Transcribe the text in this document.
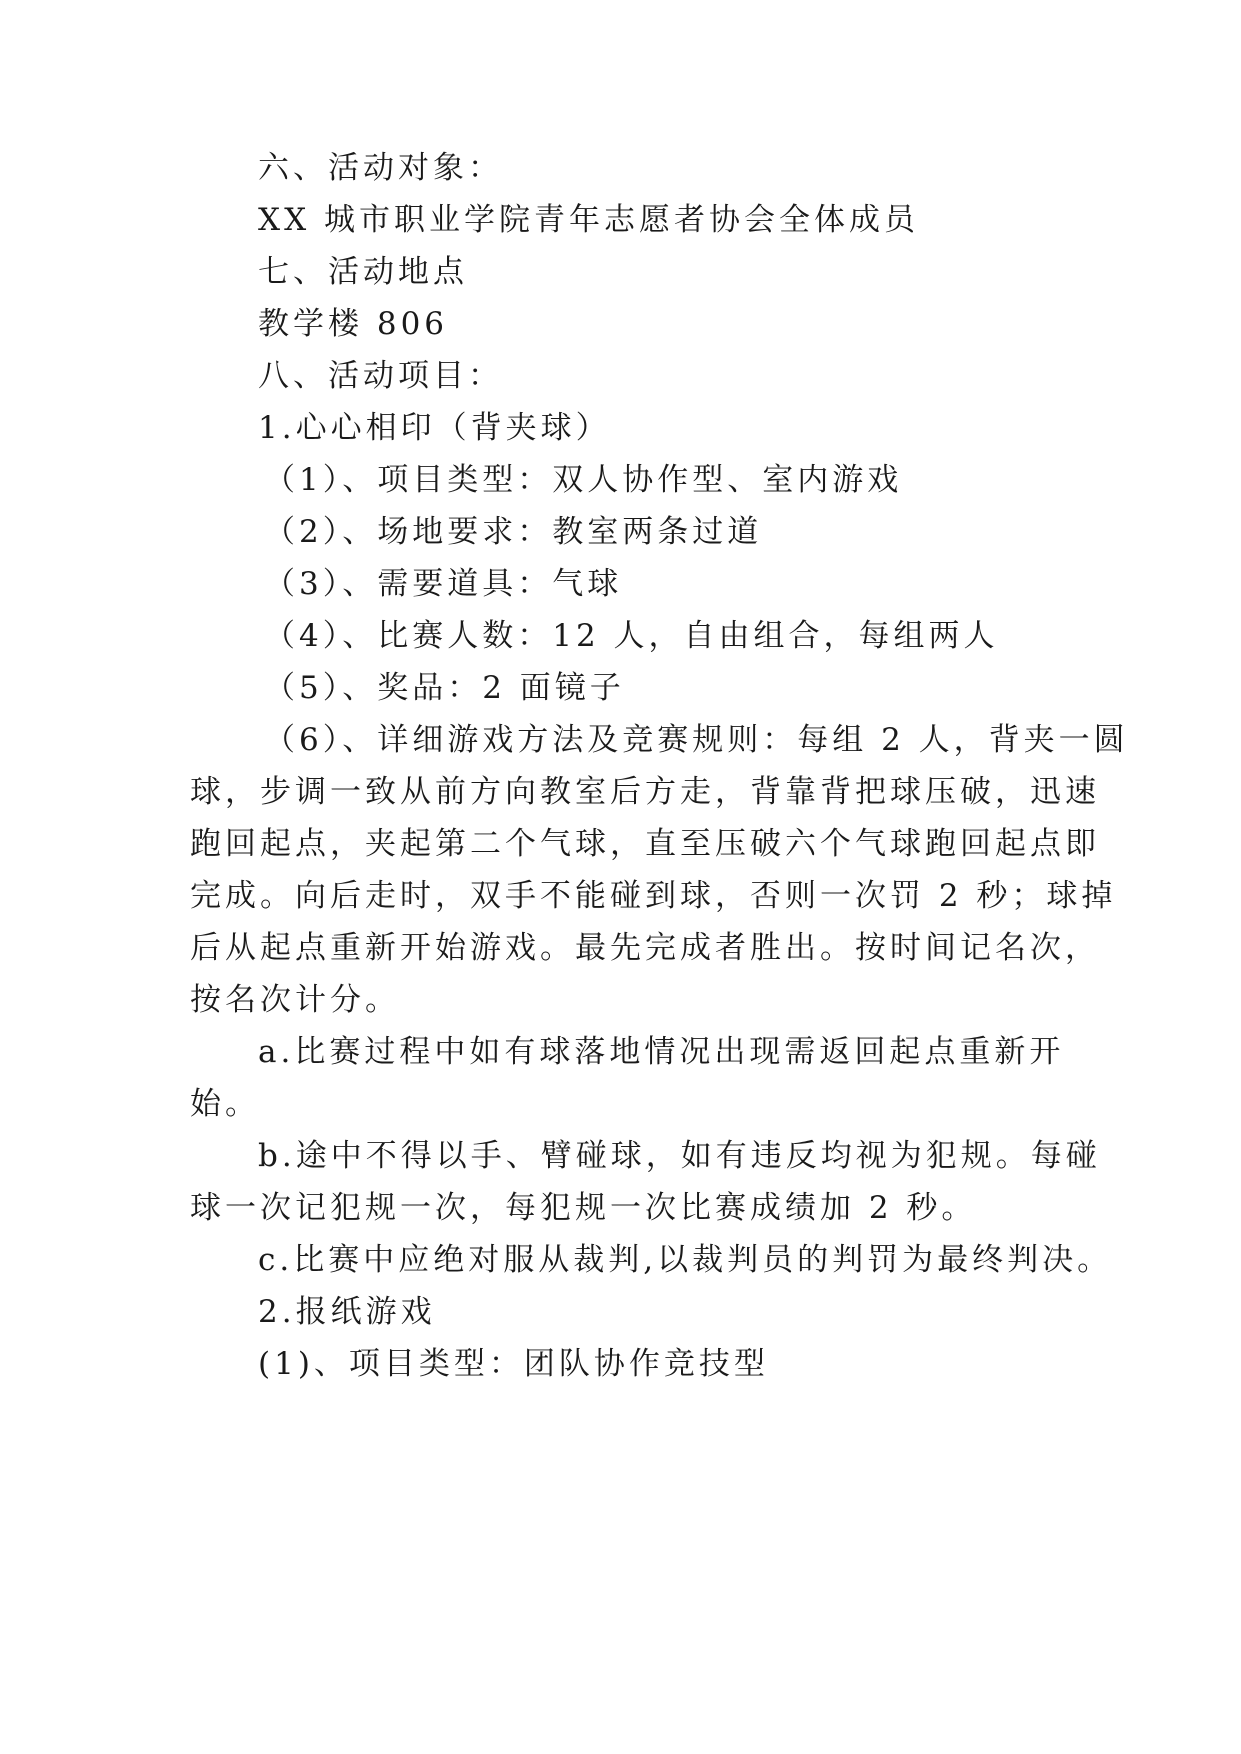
六、活动对象：
XX 城市职业学院青年志愿者协会全体成员
七、活动地点
教学楼 806
八、活动项目：
1.心心相印（背夹球）
（1）、项目类型：双人协作型、室内游戏
（2）、场地要求：教室两条过道
（3）、需要道具：气球
（4）、比赛人数：12 人，自由组合，每组两人
（5）、奖品：2 面镜子
（6）、详细游戏方法及竞赛规则：每组 2 人，背夹一圆
球，步调一致从前方向教室后方走，背靠背把球压破，迅速
跑回起点，夹起第二个气球，直至压破六个气球跑回起点即
完成。向后走时，双手不能碰到球，否则一次罚 2 秒；球掉
后从起点重新开始游戏。最先完成者胜出。按时间记名次，
按名次计分。
a.比赛过程中如有球落地情况出现需返回起点重新开
始。
b.途中不得以手、臂碰球，如有违反均视为犯规。每碰
球一次记犯规一次，每犯规一次比赛成绩加 2 秒。
c.比赛中应绝对服从裁判,以裁判员的判罚为最终判决。
2.报纸游戏
(1)、项目类型：团队协作竞技型
